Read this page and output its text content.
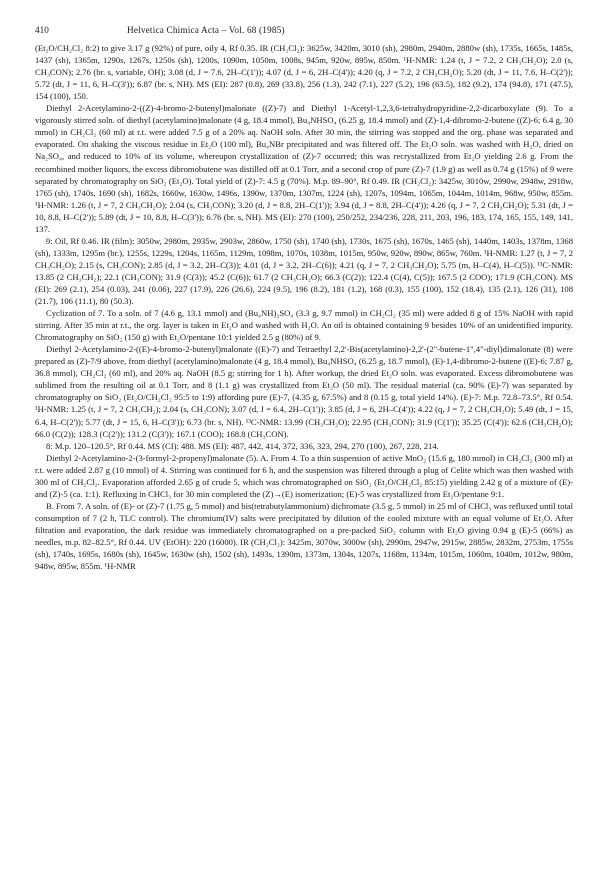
410	Helvetica Chimica Acta – Vol. 68 (1985)

(Et₂O/CH₂Cl₂ 8:2) to give 3.17 g (92%) of pure, oily 4, Rf 0.35. IR (CH₂Cl₂): 3625w, 3420m, 3010 (sh), 2980m, 2940m, 2880w (sh), 1735s, 1665s, 1485s, 1437 (sh), 1365m, 1290s, 1267s, 1250s (sh), 1200s, 1090m, 1050m, 1008s, 945m, 920w, 895w, 850m. ¹H-NMR: 1.24 (t, J = 7.2, 2 CH₃CH₂O); 2.0 (s, CH₃CON); 2.76 (br. s, variable, OH); 3.08 (d, J = 7.6, 2H–C(1')); 4.07 (d, J = 6, 2H–C(4')); 4.20 (q, J = 7.2, 2 CH₃CH₂O); 5.20 (dt, J = 11, 7.6, H–C(2')); 5.72 (dt, J = 11, 6, H–C(3')); 6.87 (br. s, NH). MS (EI): 287 (0.8), 269 (33.8), 256 (1.3), 242 (7.1), 227 (5.2), 196 (63.5), 182 (9.2), 174 (94.8), 171 (47.5), 154 (100), 150.

Diethyl 2-Acetylamino-2-((Z)-4-bromo-2-butenyl)malonate ((Z)-7) and Diethyl 1-Acetyl-1,2,3,6-tetrahydropyridine-2,2-dicarboxylate (9). To a vigorously stirred soln. of diethyl (acetylamino)malonate (4 g, 18.4 mmol), Bu₄NHSO₄ (6.25 g, 18.4 mmol) and (Z)-1,4-dibromo-2-butene ((Z)-6; 6.4 g, 30 mmol) in CH₂Cl₂ (60 ml) at r.t. were added 7.5 g of a 20% aq. NaOH soln. After 30 min, the stirring was stopped and the org. phase was separated and evaporated. On shaking the viscous residue in Et₂O (100 ml), Bu₄NBr precipitated and was filtered off. The Et₂O soln. was washed with H₂O, dried on Na₂SO₄, and reduced to 10% of its volume, whereupon crystallization of (Z)-7 occurred; this was recrystallized from Et₂O yielding 2.6 g. From the recombined mother liquors, the excess dibromobutene was distilled off at 0.1 Torr, and a second crop of pure (Z)-7 (1.9 g) as well as 0.74 g (15%) of 9 were separated by chromatography on SiO₂ (Et₂O). Total yield of (Z)-7: 4.5 g (70%). M.p. 89–90°, Rf 0.49. IR (CH₂Cl₂): 3425w, 3010w, 2990w, 2948w, 2918w, 1765 (sh), 1740s, 1690 (sh), 1682s, 1660w, 1630w, 1496s, 1390w, 1370m, 1307m, 1224 (sh), 1207s, 1094m, 1065m, 1044m, 1014m, 968w, 950w, 855m. ¹H-NMR: 1.26 (t, J = 7, 2 CH₃CH₂O); 2.04 (s, CH₃CON); 3.20 (d, J = 8.8, 2H–C(1')); 3.94 (d, J = 8.8, 2H–C(4')); 4.26 (q, J = 7, 2 CH₃CH₂O); 5.31 (dt, J = 10, 8.8, H–C(2')); 5.89 (dt, J = 10, 8.8, H–C(3')); 6.76 (br. s, NH). MS (EI): 270 (100), 250/252, 234/236, 228, 211, 203, 196, 183, 174, 165, 155, 149, 141, 137.

9: Oil, Rf 0.46. IR (film): 3050w, 2980m, 2935w, 2903w, 2860w, 1750 (sh), 1740 (sh), 1730s, 1675 (sh), 1670s, 1465 (sh), 1440m, 1403s, 1378m, 1368 (sh), 1333m, 1295m (br.), 1255s, 1229s, 1204s, 1165m, 1129m, 1098m, 1070s, 1038m, 1015m, 950w, 920w, 890w, 865w, 760m. ¹H-NMR: 1.27 (t, J = 7, 2 CH₃CH₂O); 2.15 (s, CH₃CON); 2.85 (d, J = 3.2, 2H–C(3)); 4.01 (d, J = 3.2, 2H–C(6)); 4.21 (q, J = 7, 2 CH₃CH₂O); 5.75 (m, H–C(4), H–C(5)). ¹³C-NMR: 13.85 (2 CH₃CH₂); 22.1 (CH₃CON); 31.9 (C(3)); 45.2 (C(6)); 61.7 (2 CH₃CH₂O); 66.3 (C(2)); 122.4 (C(4), C(5)); 167.5 (2 COO); 171.9 (CH₃CON). MS (EI): 269 (2.1), 254 (0.03), 241 (0.06), 227 (17.9), 226 (26.6), 224 (9.5), 196 (8.2), 181 (1.2), 168 (0.3), 155 (100), 152 (18.4), 135 (2.1), 126 (31), 108 (21.7), 106 (11.1), 80 (50.3).

Cyclization of 7. To a soln. of 7 (4.6 g, 13.1 mmol) and (Bu₄NH)₂SO₄ (3.3 g, 9.7 mmol) in CH₂Cl₂ (35 ml) were added 8 g of 15% NaOH with rapid stirring. After 35 min at r.t., the org. layer is taken in Et₂O and washed with H₂O. An oil is obtained containing 9 besides 10% of an unidentified impurity. Chromatography on SiO₂ (150 g) with Et₂O/pentane 10:1 yielded 2.5 g (80%) of 9.

Diethyl 2-Acetylamino-2-((E)-4-bromo-2-butenyl)malonate ((E)-7) and Tetraethyl 2,2'-Bis(acetylamino)-2,2'-(2"-butene-1",4"-diyl)dimalonate (8) were prepared as (Z)-7/9 above, from diethyl (acetylamino)malonate (4 g, 18.4 mmol), Bu₄NHSO₄ (6.25 g, 18.7 mmol), (E)-1,4-dibromo-2-butene ((E)-6; 7.87 g, 36.8 mmol), CH₂Cl₂ (60 ml), and 20% aq. NaOH (8.5 g; stirring for 1 h). After workup, the dried Et₂O soln. was evaporated. Excess dibromobutene was sublimed from the resulting oil at 0.1 Torr, and 8 (1.1 g) was crystallized from Et₂O (50 ml). The residual material (ca. 90% (E)-7) was separated by chromatography on SiO₂ (Et₂O/CH₂Cl₂ 95:5 to 1:9) affording pure (E)-7, (4.35 g, 67.5%) and 8 (0.15 g, total yield 14%). (E)-7: M.p. 72.8–73.5°, Rf 0.54. ¹H-NMR: 1.25 (t, J = 7, 2 CH₃CH₂); 2.04 (s, CH₃CON); 3.07 (d, J = 6.4, 2H–C(1')); 3.85 (d, J = 6, 2H–C(4')); 4.22 (q, J = 7, 2 CH₃CH₂O); 5.49 (dt, J = 15, 6.4, H–C(2')); 5.77 (dt, J = 15, 6, H–C(3')); 6.73 (br. s, NH). ¹³C-NMR: 13.99 (CH₃CH₂O); 22.95 (CH₃CON); 31.9 (C(1')); 35.25 (C(4')); 62.6 (CH₃CH₂O); 66.0 (C(2)); 128.3 (C(2')); 131.2 (C(3')); 167.1 (COO); 168.8 (CH₃CON).

8: M.p. 120–120.5°, Rf 0.44. MS (CI): 488. MS (EI): 487, 442, 414, 372, 336, 323, 294, 270 (100), 267, 228, 214.

Diethyl 2-Acetylamino-2-(3-formyl-2-propenyl)malonate (5). A. From 4. To a thin suspension of active MnO₂ (15.6 g, 180 mmol) in CH₂Cl₂ (300 ml) at r.t. were added 2.87 g (10 mmol) of 4. Stirring was continued for 6 h, and the suspension was filtered through a plug of Celite which was then washed with 300 ml of CH₂Cl₂. Evaporation afforded 2.65 g of crude 5, which was chromatographed on SiO₂ (Et₂O/CH₂Cl₂ 85:15) yielding 2.42 g of a mixture of (E)- and (Z)-5 (ca. 1:1). Refluxing in CHCl₃ for 30 min completed the (Z)→(E) isomerization; (E)-5 was crystallized from Et₂O/pentane 9:1.

B. From 7. A soln. of (E)- or (Z)-7 (1.75 g, 5 mmol) and bis(tetrabutylammonium) dichromate (3.5 g, 5 mmol) in 25 ml of CHCl₃ was refluxed until total consumption of 7 (2 h, TLC control). The chromium(IV) salts were precipitated by dilution of the cooled mixture with an equal volume of Et₂O. After filtration and evaporation, the dark residue was immediately chromatographed on a pre-packed SiO₂ column with Et₂O giving 0.94 g (E)-5 (66%) as needles, m.p. 82–82.5°, Rf 0.44. UV (EtOH): 220 (16000). IR (CH₂Cl₂): 3425m, 3070w, 3000w (sh), 2990m, 2947w, 2915w, 2885w, 2832m, 2753m, 1755s (sh), 1740s, 1695s, 1680s (sh), 1645w, 1630w (sh), 1502 (sh), 1493s, 1390m, 1373m, 1304s, 1207s, 1168m, 1134m, 1015m, 1060m, 1040m, 1012w, 980m, 948w, 895w, 855m. ¹H-NMR
